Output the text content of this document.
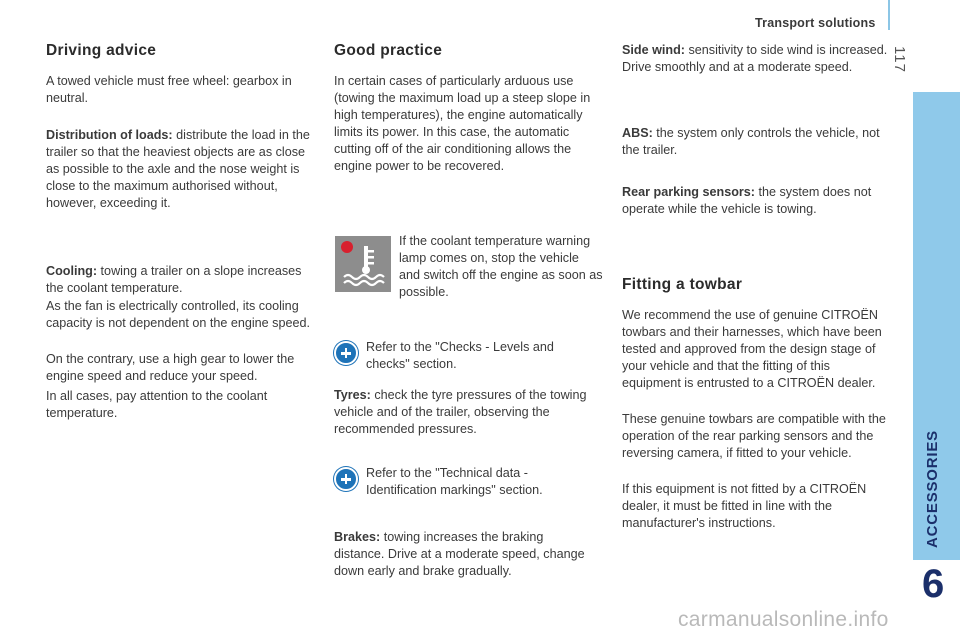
Transport solutions
117
ACCESSORIES
6
Driving advice

A towed vehicle must free wheel: gearbox in neutral.

Distribution of loads: distribute the load in the trailer so that the heaviest objects are as close as possible to the axle and the nose weight is close to the maximum authorised without, however, exceeding it.

Cooling: towing a trailer on a slope increases the coolant temperature.

As the fan is electrically controlled, its cooling capacity is not dependent on the engine speed.

On the contrary, use a high gear to lower the engine speed and reduce your speed.

In all cases, pay attention to the coolant temperature.

Good practice

In certain cases of particularly arduous use (towing the maximum load up a steep slope in high temperatures), the engine automatically limits its power. In this case, the automatic cutting off of the air conditioning allows the engine power to be recovered.

If the coolant temperature warning lamp comes on, stop the vehicle and switch off the engine as soon as possible.

Refer to the "Checks - Levels and checks" section.

Tyres: check the tyre pressures of the towing vehicle and of the trailer, observing the recommended pressures.

Refer to the "Technical data - Identification markings" section.

Brakes: towing increases the braking distance. Drive at a moderate speed, change down early and brake gradually.

Side wind: sensitivity to side wind is increased. Drive smoothly and at a moderate speed.

ABS: the system only controls the vehicle, not the trailer.

Rear parking sensors: the system does not operate while the vehicle is towing.

Fitting a towbar

We recommend the use of genuine CITROËN towbars and their harnesses, which have been tested and approved from the design stage of your vehicle and that the fitting of this equipment is entrusted to a CITROËN dealer.

These genuine towbars are compatible with the operation of the rear parking sensors and the reversing camera, if fitted to your vehicle.

If this equipment is not fitted by a CITROËN dealer, it must be fitted in line with the manufacturer's instructions.

carmanualsonline.info
